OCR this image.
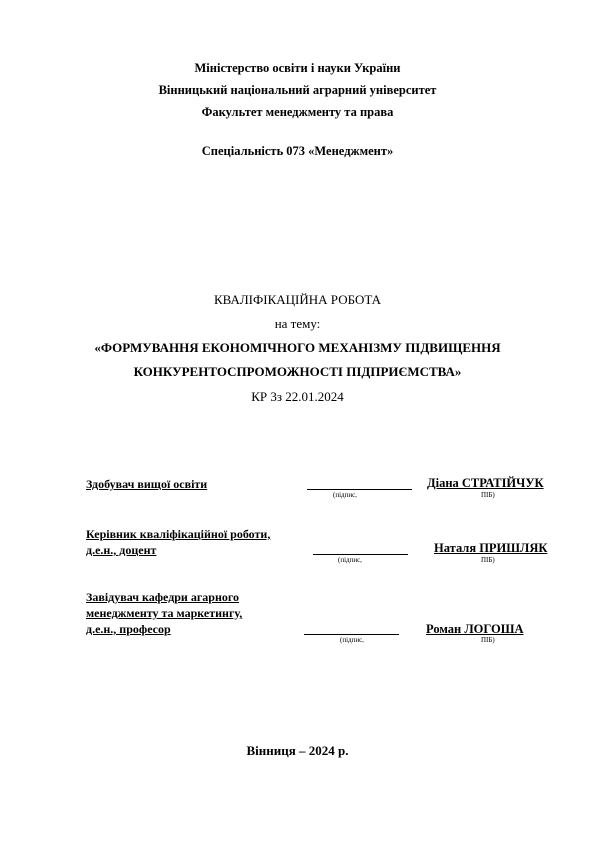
Міністерство освіти і науки України
Вінницький національний аграрний університет
Факультет менеджменту та права
Спеціальність 073 «Менеджмент»
КВАЛІФІКАЦІЙНА РОБОТА
на тему:
«ФОРМУВАННЯ ЕКОНОМІЧНОГО МЕХАНІЗМУ ПІДВИЩЕННЯ
КОНКУРЕНТОСПРОМОЖНОСТІ ПІДПРИЄМСТВА»
КР 3з 22.01.2024
Здобувач вищої освіти
(підпис,
Діана СТРАТІЙЧУК
ПІБ)
Керівник кваліфікаційної роботи,
д.е.н., доцент
(підпис,
Наталя ПРИШЛЯК
ПІБ)
Завідувач кафедри агарного
менеджменту та маркетингу,
д.е.н., професор
(підпис,
Роман ЛОГОША
ПІБ)
Вінниця – 2024 р.
